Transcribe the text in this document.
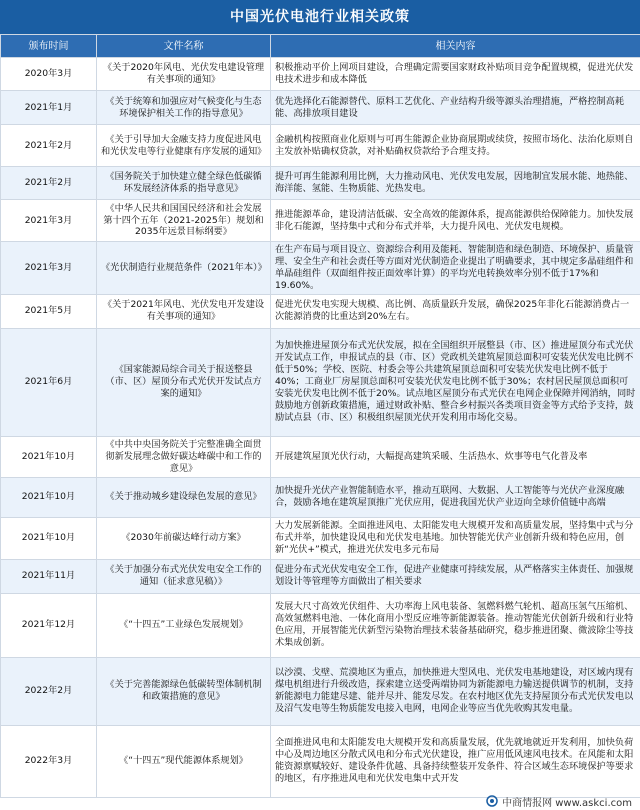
中国光伏电池行业相关政策
颁布时间	文件名称	相关内容
2020年3月	《关于2020年风电、光伏发电建设管理有关事项的通知》	积极推动平价上网项目建设，合理确定需要国家财政补贴项目竞争配置规模，促进光伏发电技术进步和成本降低
2021年1月	《关于统筹和加强应对气候变化与生态环境保护相关工作的指导意见》	优先选择化石能源替代、原料工艺优化、产业结构升级等源头治理措施，严格控制高耗能、高排放项目建设
2021年2月	《关于引导加大金融支持力度促进风电和光伏发电等行业健康有序发展的通知》	金融机构按照商业化原则与可再生能源企业协商展期或续贷，按照市场化、法治化原则自主发放补贴确权贷款，对补贴确权贷款给予合理支持。
2021年2月	《国务院关于加快建立健全绿色低碳循环发展经济体系的指导意见》	提升可再生能源利用比例，大力推动风电、光伏发电发展，因地制宜发展水能、地热能、海洋能、氢能、生物质能、光热发电。
2021年3月	《中华人民共和国国民经济和社会发展第十四个五年（2021-2025年）规划和2035年远景目标纲要》	推进能源革命，建设清洁低碳、安全高效的能源体系，提高能源供给保障能力。加快发展非化石能源，坚持集中式和分布式并举，大力提升风电、光伏发电规模。
2021年3月	《光伏制造行业规范条件（2021年本）》	在生产布局与项目设立、资源综合利用及能耗、智能制造和绿色制造、环境保护、质量管理、安全生产和社会责任等方面对光伏制造企业提出了明确要求，其中规定多晶硅组件和单晶硅组件（双面组件按正面效率计算）的平均光电转换效率分别不低于17%和19.60%。
2021年5月	《关于2021年风电、光伏发电开发建设有关事项的通知》	促进光伏发电实现大规模、高比例、高质量跃升发展，确保2025年非化石能源消费占一次能源消费的比重达到20%左右。
2021年6月	《国家能源局综合司关于报送整县（市、区）屋顶分布式光伏开发试点方案的通知》	为加快推进屋顶分布式光伏发展，拟在全国组织开展整县（市、区）推进屋顶分布式光伏开发试点工作，申报试点的县（市、区）党政机关建筑屋顶总面积可安装光伏发电比例不低于50%；学校、医院、村委会等公共建筑屋顶总面积可安装光伏发电比例不低于40%；工商业厂房屋顶总面积可安装光伏发电比例不低于30%；农村居民屋顶总面积可安装光伏发电比例不低于20%。试点地区屋顶分布式光伏在电网企业保障并网消纳，同时鼓励地方创新政策措施，通过财政补贴、整合乡村振兴各类项目资金等方式给予支持，鼓励试点县（市、区）积极组织屋顶光伏开发利用市场化交易。
2021年10月	《中共中央国务院关于完整准确全面贯彻新发展理念做好碳达峰碳中和工作的意见》	开展建筑屋顶光伏行动，大幅提高建筑采暖、生活热水、炊事等电气化普及率
2021年10月	《关于推动城乡建设绿色发展的意见》	加快提升光伏产业智能制造水平，推动互联网、大数据、人工智能等与光伏产业深度融合，鼓励各地在建筑屋顶推广光伏应用，促进我国光伏产业迈向全球价值链中高端
2021年10月	《2030年前碳达峰行动方案》	大力发展新能源。全面推进风电、太阳能发电大规模开发和高质量发展，坚持集中式与分布式并举，加快建设风电和光伏发电基地。加快智能光伏产业创新升级和特色应用，创新“光伏+”模式，推进光伏发电多元布局
2021年11月	《关于加强分布式光伏发电安全工作的通知（征求意见稿）》	促进分布式光伏发电安全工作，促进产业健康可持续发展，从严格落实主体责任、加强规划设计等管理等方面做出了相关要求
2021年12月	《“十四五”工业绿色发展规划》	发展大尺寸高效光伏组件、大功率海上风电装备、氢燃料燃气轮机、超高压氢气压缩机、高效氢燃料电池、一体化商用小型反应堆等新能源装备。推动智能光伏创新升级和行业特色应用，开展智能光伏新型污染物治理技术装备基础研究，稳步推进团聚、微波除尘等技术集成创新。
2022年2月	《关于完善能源绿色低碳转型体制机制和政策措施的意见》	以沙漠、戈壁、荒漠地区为重点，加快推进大型风电、光伏发电基地建设，对区域内现有煤电机组进行升级改造，探索建立送受两端协同为新能源电力输送提供调节的机制，支持新能源电力能建尽建、能并尽并、能发尽发。在农村地区优先支持屋顶分布式光伏发电以及沼气发电等生物质能发电接入电网，电网企业等应当优先收购其发电量。
2022年3月	《“十四五”现代能源体系规划》	全面推进风电和太阳能发电大规模开发和高质量发展，优先就地就近开发利用，加快负荷中心及周边地区分散式风电和分布式光伏建设，推广应用低风速风电技术。在风能和太阳能资源禀赋较好、建设条件优越、具备持续整装开发条件、符合区域生态环境保护等要求的地区，有序推进风电和光伏发电集中式开发
中商情报网 www.askci.com
